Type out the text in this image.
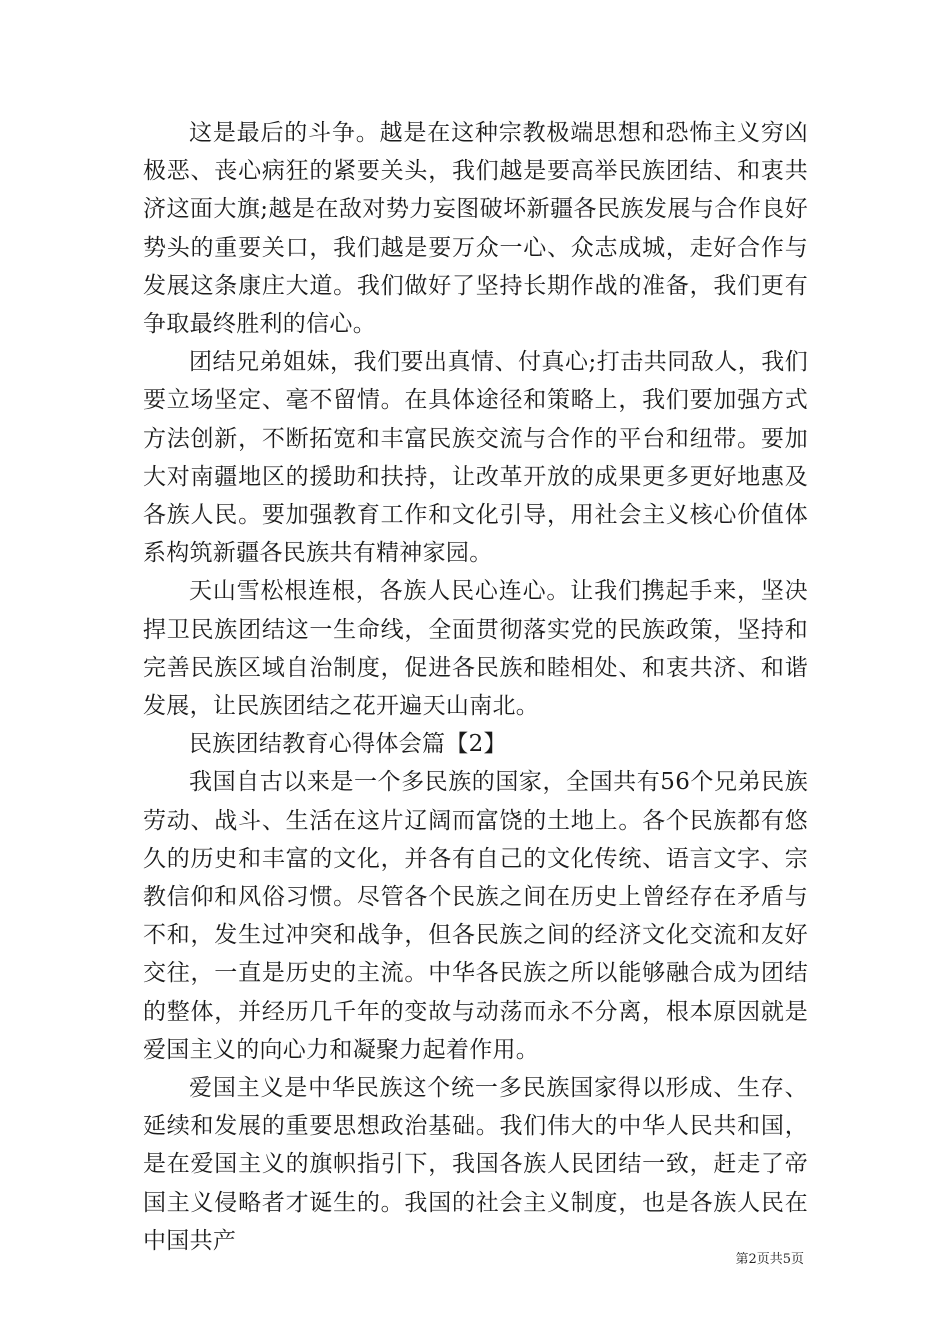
这是最后的斗争。越是在这种宗教极端思想和恐怖主义穷凶极恶、丧心病狂的紧要关头，我们越是要高举民族团结、和衷共济这面大旗;越是在敌对势力妄图破坏新疆各民族发展与合作良好势头的重要关口，我们越是要万众一心、众志成城，走好合作与发展这条康庄大道。我们做好了坚持长期作战的准备，我们更有争取最终胜利的信心。

团结兄弟姐妹，我们要出真情、付真心;打击共同敌人，我们要立场坚定、毫不留情。在具体途径和策略上，我们要加强方式方法创新，不断拓宽和丰富民族交流与合作的平台和纽带。要加大对南疆地区的援助和扶持，让改革开放的成果更多更好地惠及各族人民。要加强教育工作和文化引导，用社会主义核心价值体系构筑新疆各民族共有精神家园。

天山雪松根连根，各族人民心连心。让我们携起手来，坚决捍卫民族团结这一生命线，全面贯彻落实党的民族政策，坚持和完善民族区域自治制度，促进各民族和睦相处、和衷共济、和谐发展，让民族团结之花开遍天山南北。

民族团结教育心得体会篇【2】

我国自古以来是一个多民族的国家，全国共有56个兄弟民族劳动、战斗、生活在这片辽阔而富饶的土地上。各个民族都有悠久的历史和丰富的文化，并各有自己的文化传统、语言文字、宗教信仰和风俗习惯。尽管各个民族之间在历史上曾经存在矛盾与不和，发生过冲突和战争，但各民族之间的经济文化交流和友好交往，一直是历史的主流。中华各民族之所以能够融合成为团结的整体，并经历几千年的变故与动荡而永不分离，根本原因就是爱国主义的向心力和凝聚力起着作用。

爱国主义是中华民族这个统一多民族国家得以形成、生存、延续和发展的重要思想政治基础。我们伟大的中华人民共和国，是在爱国主义的旗帜指引下，我国各族人民团结一致，赶走了帝国主义侵略者才诞生的。我国的社会主义制度，也是各族人民在中国共产

第2页共5页
